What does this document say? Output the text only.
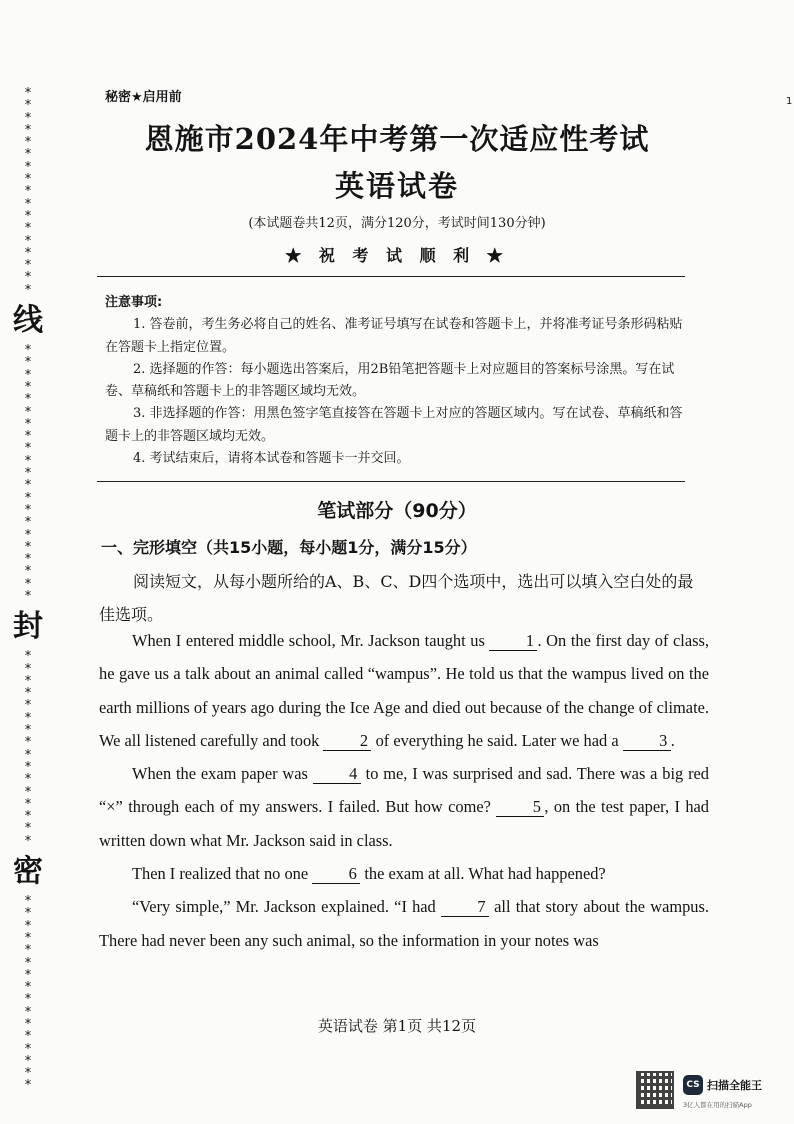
1
*
*
*
*
*
*
*
*
*
*
*
*
*
*
*
*
*
线
*
*
*
*
*
*
*
*
*
*
*
*
*
*
*
*
*
*
*
*
*
封
*
*
*
*
*
*
*
*
*
*
*
*
*
*
*
*
密
*
*
*
*
*
*
*
*
*
*
*
*
*
*
*
*
秘密★启用前
恩施市2024年中考第一次适应性考试
英语试卷
(本试题卷共12页，满分120分，考试时间130分钟)
★ 祝 考 试 顺 利 ★
注意事项:
1. 答卷前，考生务必将自己的姓名、准考证号填写在试卷和答题卡上，并将准考证号条形码粘贴在答题卡上指定位置。
2. 选择题的作答：每小题选出答案后，用2B铅笔把答题卡上对应题目的答案标号涂黑。写在试卷、草稿纸和答题卡上的非答题区域均无效。
3. 非选择题的作答：用黑色签字笔直接答在答题卡上对应的答题区域内。写在试卷、草稿纸和答题卡上的非答题区域均无效。
4. 考试结束后，请将本试卷和答题卡一并交回。
笔试部分（90分）
一、完形填空（共15小题，每小题1分，满分15分）
阅读短文，从每小题所给的A、B、C、D四个选项中，选出可以填入空白处的最佳选项。

When I entered middle school, Mr. Jackson taught us	1 . On the first day of class, he gave us a talk about an animal called “wampus”. He told us that the wampus lived on the earth millions of years ago during the Ice Age and died out because of the change of climate. We all listened carefully and took 2 of everything he said. Later we had a 3 .

When the exam paper was	4 to me, I was surprised and sad. There was a big red “×” through each of my answers. I failed. But how come?	5 , on the test paper, I had written down what Mr. Jackson said in class.

Then I realized that no one 6 the exam at all. What had happened?

“Very simple,” Mr. Jackson explained. “I had	7 all that story about the wampus. There had never been any such animal, so the information in your notes was

英语试卷 第1页 共12页
CS 扫描全能王
3亿人都在用的扫描App
